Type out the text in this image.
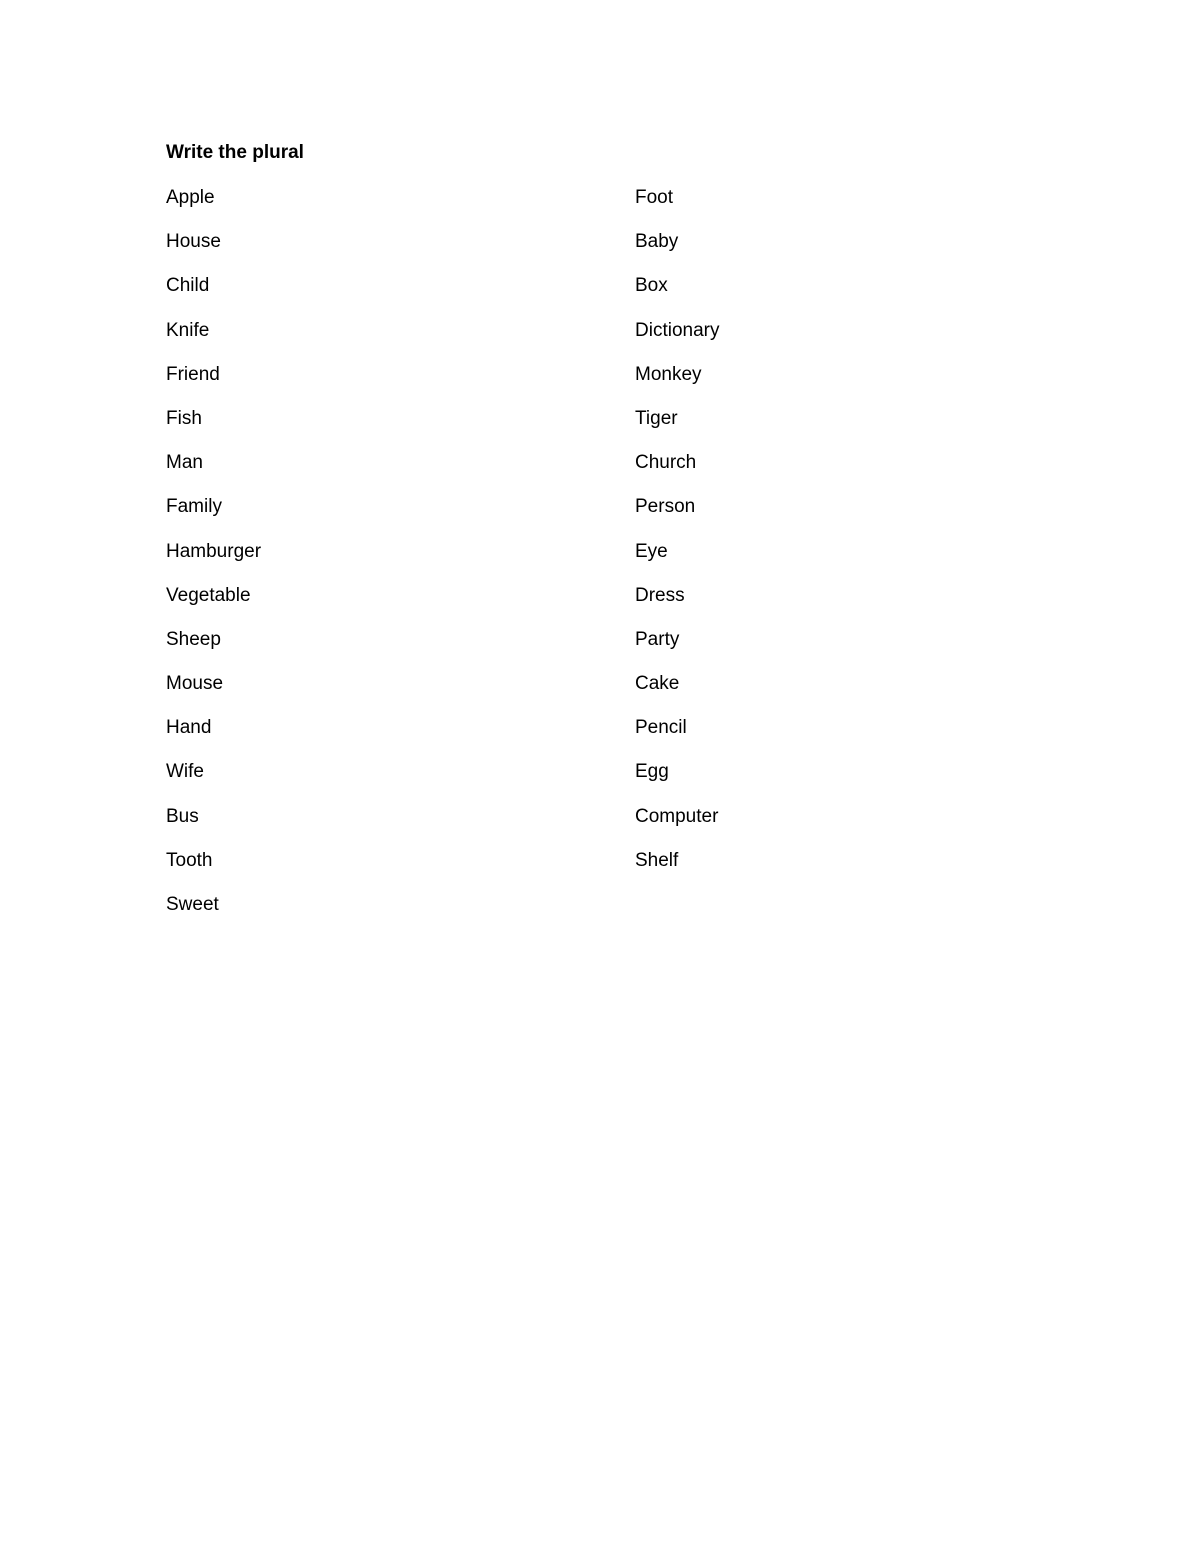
Write the plural
Apple
House
Child
Knife
Friend
Fish
Man
Family
Hamburger
Vegetable
Sheep
Mouse
Hand
Wife
Bus
Tooth
Sweet
Foot
Baby
Box
Dictionary
Monkey
Tiger
Church
Person
Eye
Dress
Party
Cake
Pencil
Egg
Computer
Shelf
